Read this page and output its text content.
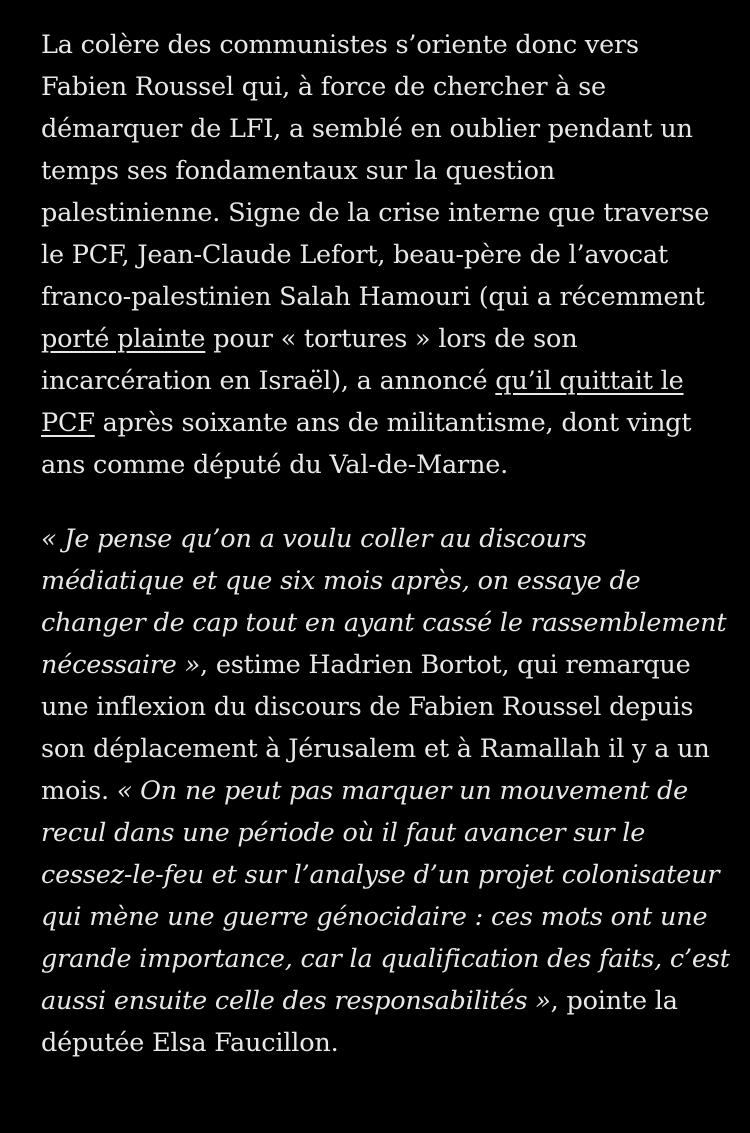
La colère des communistes s’oriente donc vers Fabien Roussel qui, à force de chercher à se démarquer de LFI, a semblé en oublier pendant un temps ses fondamentaux sur la question palestinienne. Signe de la crise interne que traverse le PCF, Jean-Claude Lefort, beau-père de l’avocat franco-palestinien Salah Hamouri (qui a récemment porté plainte pour « tortures » lors de son incarcération en Israël), a annoncé qu’il quittait le PCF après soixante ans de militantisme, dont vingt ans comme député du Val-de-Marne.

« Je pense qu’on a voulu coller au discours médiatique et que six mois après, on essaye de changer de cap tout en ayant cassé le rassemblement nécessaire », estime Hadrien Bortot, qui remarque une inflexion du discours de Fabien Roussel depuis son déplacement à Jérusalem et à Ramallah il y a un mois. « On ne peut pas marquer un mouvement de recul dans une période où il faut avancer sur le cessez-le-feu et sur l’analyse d’un projet colonisateur qui mène une guerre génocidaire : ces mots ont une grande importance, car la qualification des faits, c’est aussi ensuite celle des responsabilités », pointe la députée Elsa Faucillon.
